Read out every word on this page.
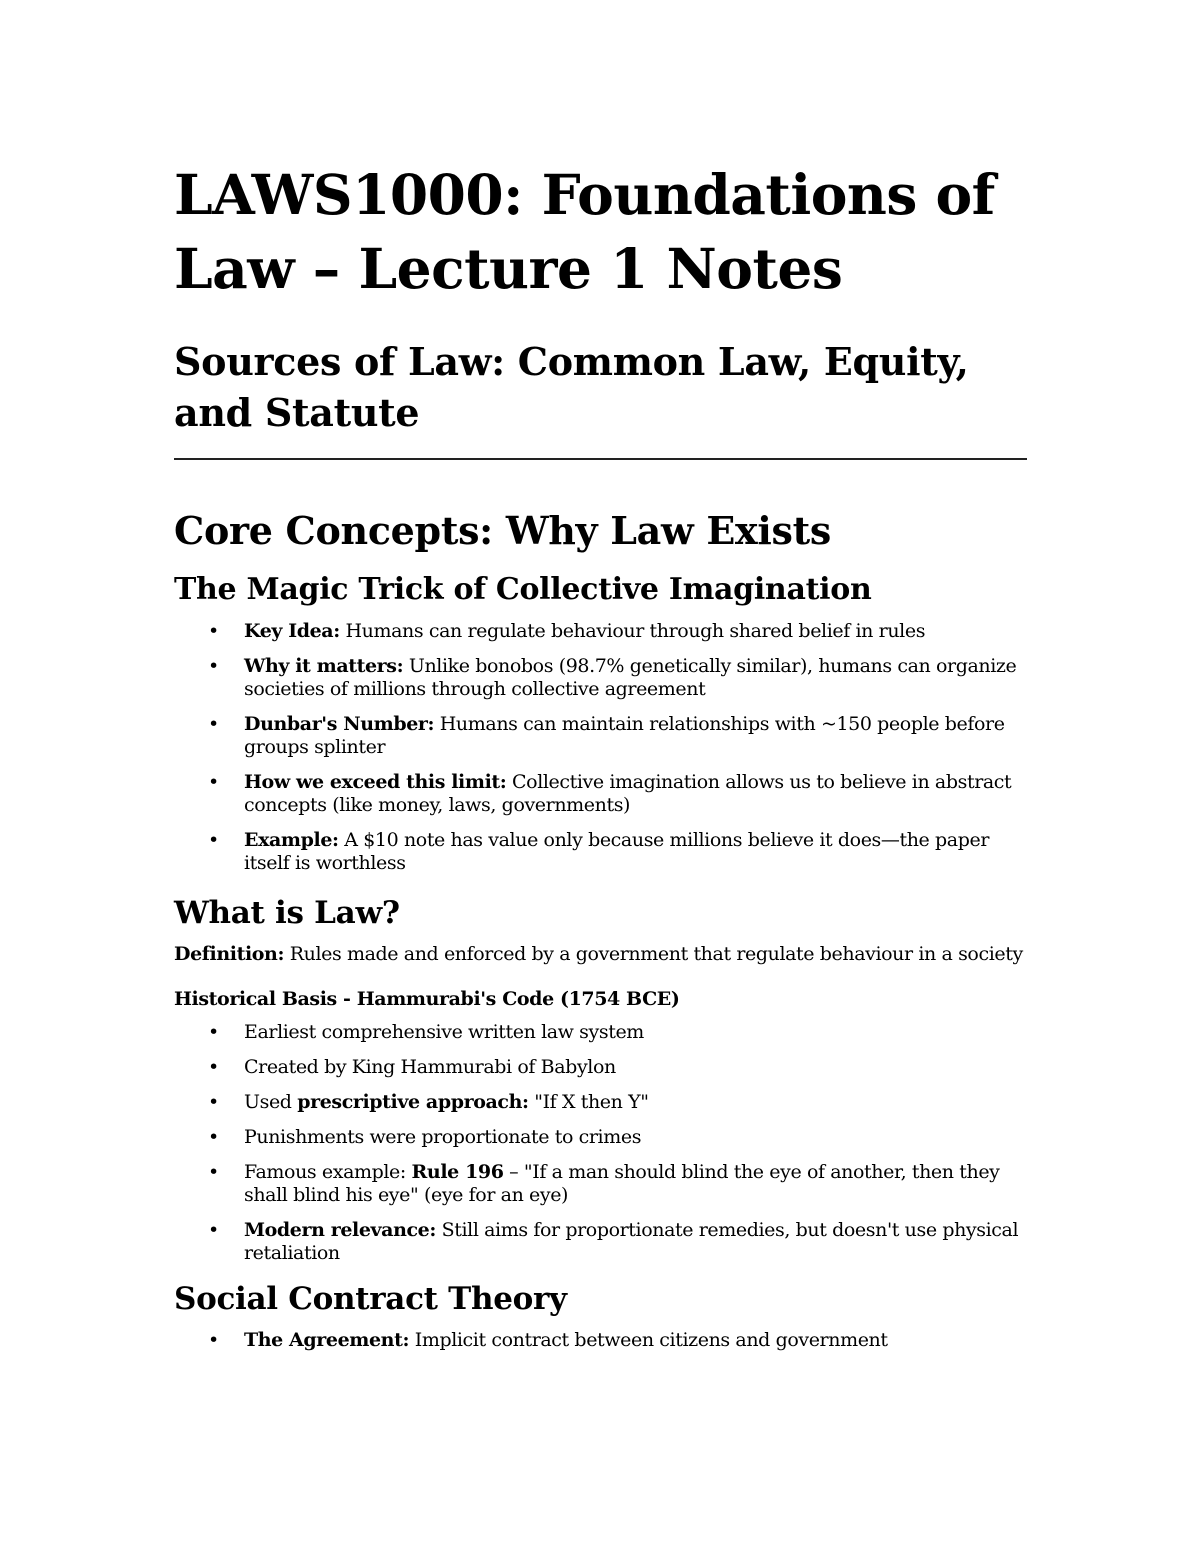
LAWS1000: Foundations of Law – Lecture 1 Notes
Sources of Law: Common Law, Equity, and Statute
Core Concepts: Why Law Exists
The Magic Trick of Collective Imagination
• Key Idea: Humans can regulate behaviour through shared belief in rules
• Why it matters: Unlike bonobos (98.7% genetically similar), humans can organize societies of millions through collective agreement
• Dunbar's Number: Humans can maintain relationships with ~150 people before groups splinter
• How we exceed this limit: Collective imagination allows us to believe in abstract concepts (like money, laws, governments)
• Example: A $10 note has value only because millions believe it does—the paper itself is worthless
What is Law?

Definition: Rules made and enforced by a government that regulate behaviour in a society

Historical Basis - Hammurabi's Code (1754 BCE)

• Earliest comprehensive written law system
• Created by King Hammurabi of Babylon
• Used prescriptive approach: "If X then Y"
• Punishments were proportionate to crimes
• Famous example: Rule 196 – "If a man should blind the eye of another, then they shall blind his eye" (eye for an eye)
• Modern relevance: Still aims for proportionate remedies, but doesn't use physical retaliation
Social Contract Theory
• The Agreement: Implicit contract between citizens and government
